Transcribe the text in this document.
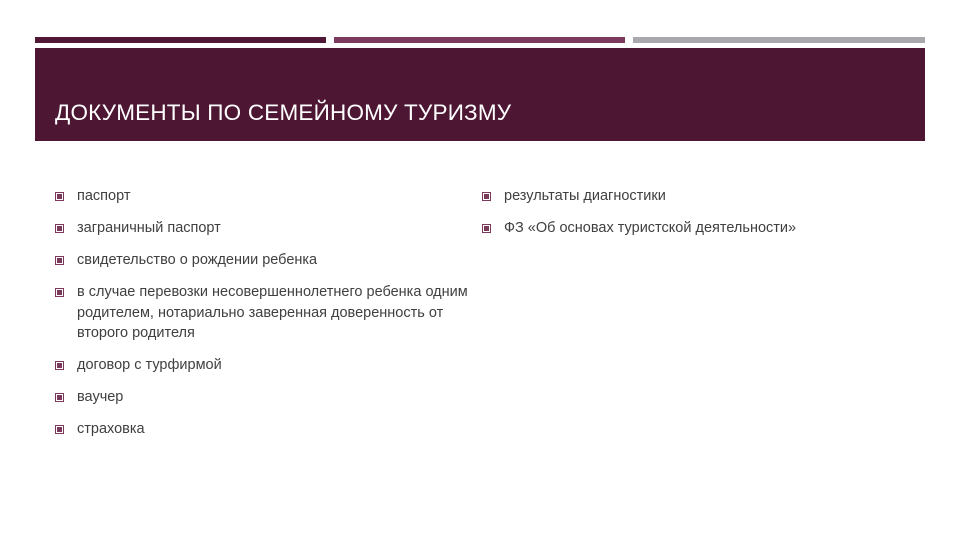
ДОКУМЕНТЫ ПО СЕМЕЙНОМУ ТУРИЗМУ
паспорт
заграничный паспорт
свидетельство о рождении ребенка
в случае перевозки несовершеннолетнего ребенка одним родителем, нотариально заверенная доверенность от второго родителя
договор с турфирмой
ваучер
страховка
результаты диагностики
ФЗ «Об основах туристской деятельности»
